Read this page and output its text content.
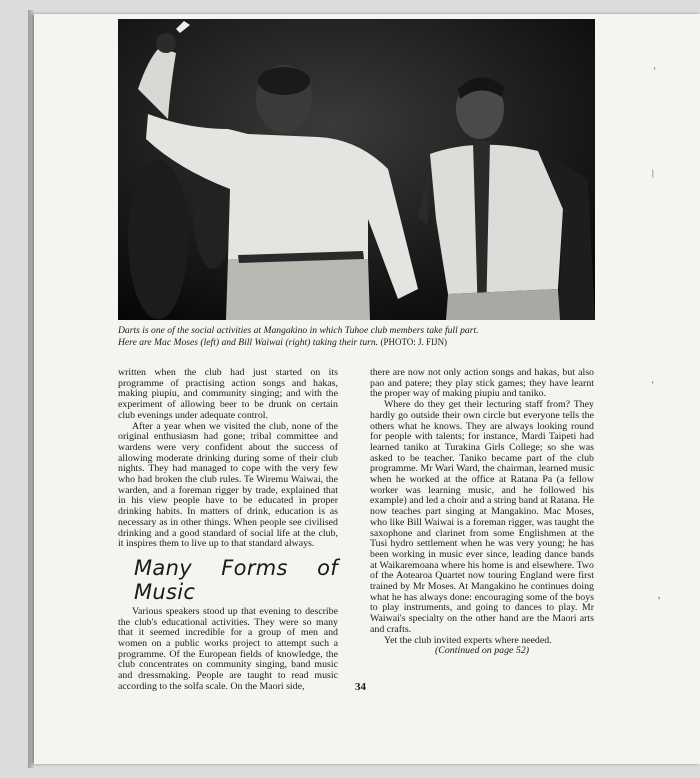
Darts is one of the social activities at Mangakino in which Tuhoe club members take full part. Here are Mac Moses (left) and Bill Waiwai (right) taking their turn. (PHOTO: J. FIJN)

written when the club had just started on its programme of practising action songs and hakas, making piupiu, and community singing; and with the experiment of allowing beer to be drunk on certain club evenings under adequate control.

After a year when we visited the club, none of the original enthusiasm had gone; tribal committee and wardens were very confident about the success of allowing moderate drinking during some of their club nights. They had managed to cope with the very few who had broken the club rules. Te Wiremu Waiwai, the warden, and a foreman rigger by trade, explained that in his view people have to be educated in proper drinking habits. In matters of drink, education is as necessary as in other things. When people see civilised drinking and a good standard of social life at the club, it inspires them to live up to that standard always.

Many Forms of Music

Various speakers stood up that evening to describe the club's educational activities. They were so many that it seemed incredible for a group of men and women on a public works project to attempt such a programme. Of the European fields of knowledge, the club concentrates on community singing, band music and dressmaking. People are taught to read music according to the solfa scale. On the Maori side,

there are now not only action songs and hakas, but also pao and patere; they play stick games; they have learnt the proper way of making piupiu and taniko.

Where do they get their lecturing staff from? They hardly go outside their own circle but everyone tells the others what he knows. They are always looking round for people with talents; for instance, Mardi Taipeti had learned taniko at Turakina Girls College; so she was asked to be teacher. Taniko became part of the club programme. Mr Wari Ward, the chairman, learned music when he worked at the office at Ratana Pa (a fellow worker was learning music, and he followed his example) and led a choir and a string band at Ratana. He now teaches part singing at Mangakino. Mac Moses, who like Bill Waiwai is a foreman rigger, was taught the saxophone and clarinet from some Englishmen at the Tusi hydro settlement when he was very young; he has been working in music ever since, leading dance bands at Waikaremoana where his home is and elsewhere. Two of the Aotearoa Quartet now touring England were first trained by Mr Moses. At Mangakino he continues doing what he has always done: encouraging some of the boys to play instruments, and going to dances to play. Mr Waiwai's specialty on the other hand are the Maori arts and crafts.

Yet the club invited experts where needed.

(Continued on page 52)

34
'
|
'
,
